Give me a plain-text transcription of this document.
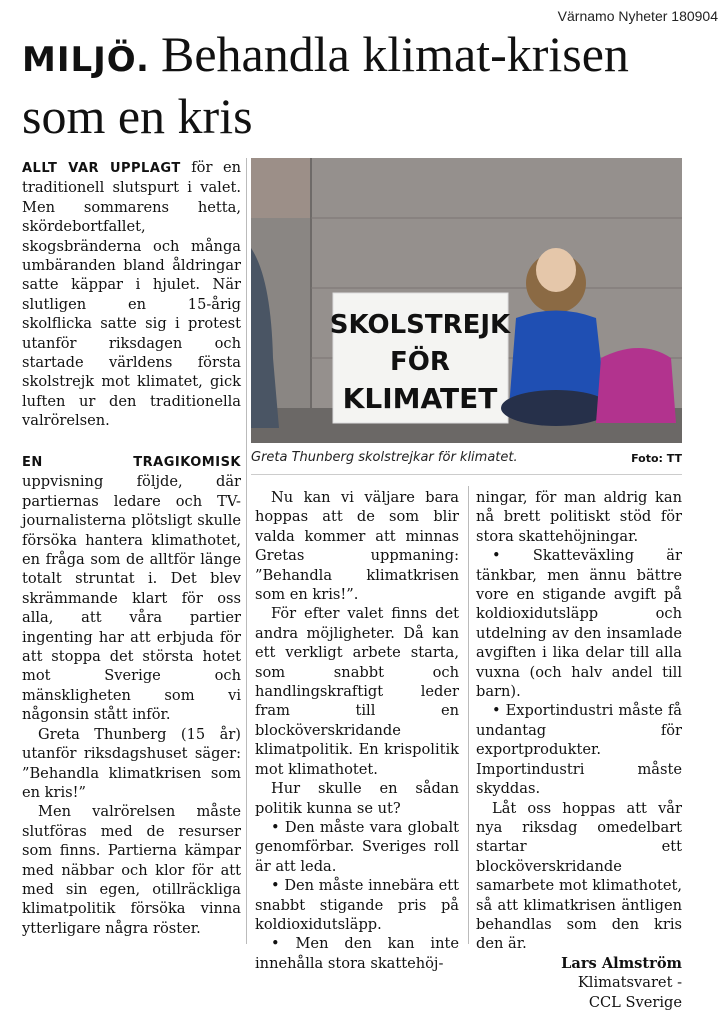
Värnamo Nyheter 180904
MILJÖ. Behandla klimat-krisen som en kris

ALLT VAR UPPLAGT för en traditionell slutspurt i valet. Men sommarens hetta, skördebortfallet, skogsbränderna och många umbäranden bland åldringar satte käppar i hjulet. När slutligen en 15-årig skolflicka satte sig i protest utanför riksdagen och startade världens första skolstrejk mot klimatet, gick luften ur den traditionella valrörelsen.

EN TRAGIKOMISK uppvisning följde, där partiernas ledare och TV-journalisterna plötsligt skulle försöka hantera klimathotet, en fråga som de alltför länge totalt struntat i. Det blev skrämmande klart för oss alla, att våra partier ingenting har att erbjuda för att stoppa det största hotet mot Sverige och mänskligheten som vi någonsin stått inför.

Greta Thunberg (15 år) utanför riksdagshuset säger: ”Behandla klimatkrisen som en kris!”

Men valrörelsen måste slutföras med de resurser som finns. Partierna kämpar med näbbar och klor för att med sin egen, otillräckliga klimatpolitik försöka vinna ytterligare några röster.

SKOLSTREJK
FÖR
KLIMATET
Greta Thunberg skolstrejkar för klimatet.	Foto: TT

Nu kan vi väljare bara hoppas att de som blir valda kommer att minnas Gretas uppmaning: ”Behandla klimatkrisen som en kris!”.

För efter valet finns det andra möjligheter. Då kan ett verkligt arbete starta, som snabbt och handlingskraftigt leder fram till en blocköverskridande klimatpolitik. En krispolitik mot klimathotet.

Hur skulle en sådan politik kunna se ut?

• Den måste vara globalt genomförbar. Sveriges roll är att leda.

• Den måste innebära ett snabbt stigande pris på koldioxidutsläpp.

• Men den kan inte innehålla stora skattehöj-

ningar, för man aldrig kan nå brett politiskt stöd för stora skattehöjningar.

• Skatteväxling är tänkbar, men ännu bättre vore en stigande avgift på koldioxidutsläpp och utdelning av den insamlade avgiften i lika delar till alla vuxna (och halv andel till barn).

• Exportindustri måste få undantag för exportprodukter. Importindustri måste skyddas.

Låt oss hoppas att vår nya riksdag omedelbart startar ett blocköverskridande samarbete mot klimathotet, så att klimatkrisen äntligen behandlas som den kris den är.

Lars Almström

Klimatsvaret -

CCL Sverige
